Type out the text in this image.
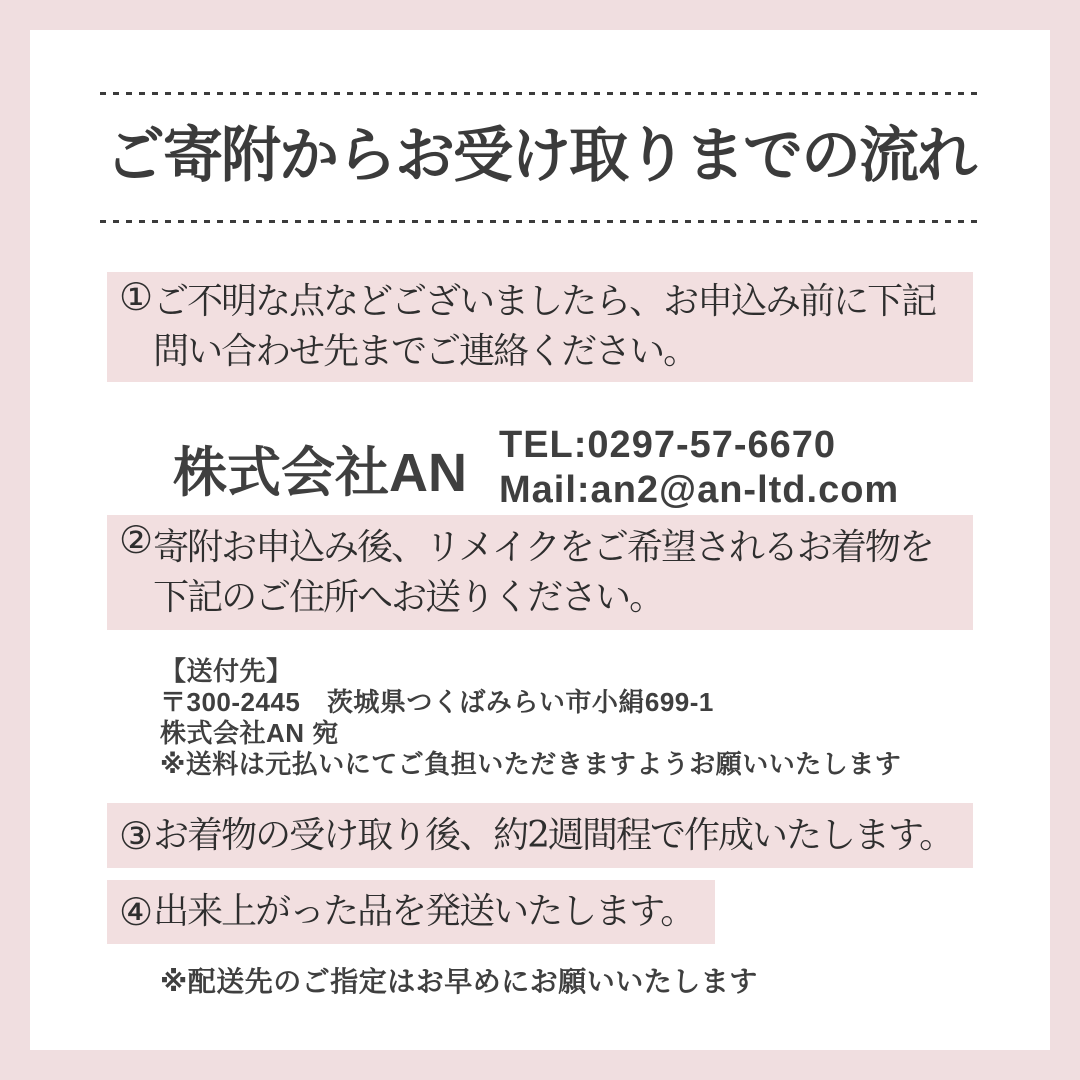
ご寄附からお受け取りまでの流れ
① ご不明な点などございましたら、お申込み前に下記
問い合わせ先までご連絡ください。
株式会社AN TEL:0297-57-6670
Mail:an2@an-ltd.com
② 寄附お申込み後、リメイクをご希望されるお着物を
下記のご住所へお送りください。
【送付先】
〒300-2445　茨城県つくばみらい市小絹699-1
株式会社AN 宛
※送料は元払いにてご負担いただきますようお願いいたします
③ お着物の受け取り後、約2週間程で作成いたします。
④ 出来上がった品を発送いたします。
※配送先のご指定はお早めにお願いいたします
